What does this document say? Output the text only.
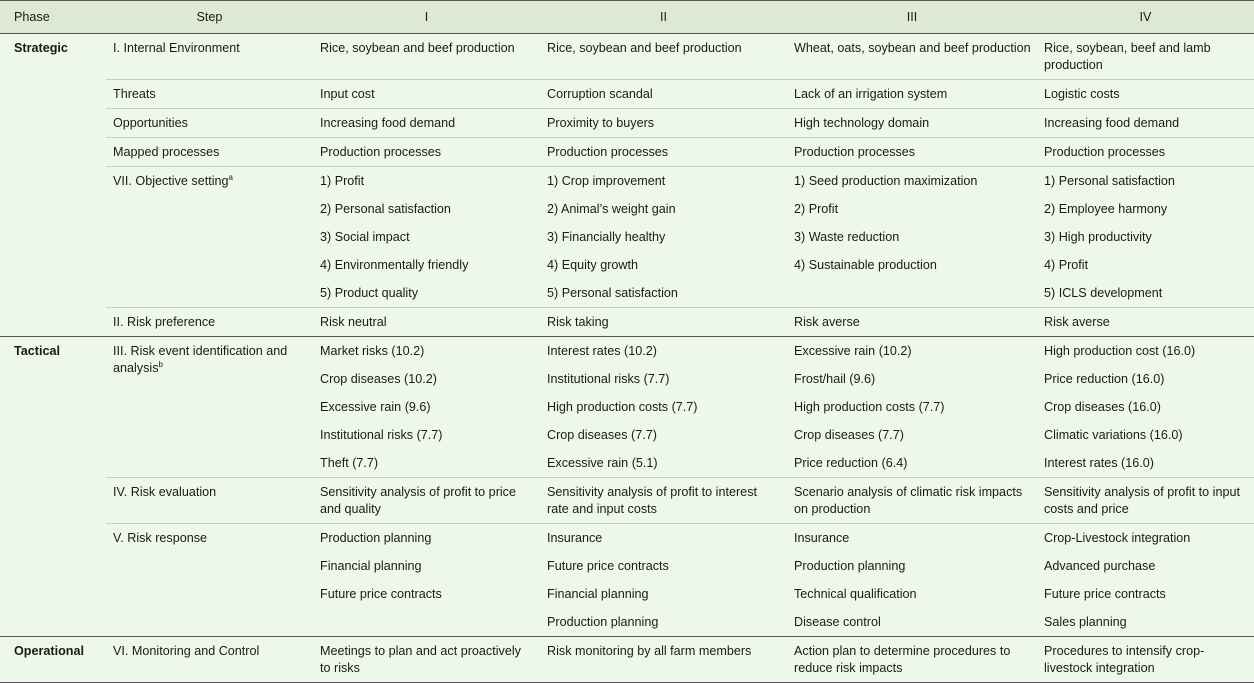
Phase	Step	I	II	III	IV
Strategic	I. Internal Environment	Rice, soybean and beef production	Rice, soybean and beef production	Wheat, oats, soybean and beef production	Rice, soybean, beef and lamb production
	Threats	Input cost	Corruption scandal	Lack of an irrigation system	Logistic costs
	Opportunities	Increasing food demand	Proximity to buyers	High technology domain	Increasing food demand
	Mapped processes	Production processes	Production processes	Production processes	Production processes
	VII. Objective setting$^a$	1) Profit	1) Crop improvement	1) Seed production maximization	1) Personal satisfaction
		2) Personal satisfaction	2) Animal’s weight gain	2) Profit	2) Employee harmony
		3) Social impact	3) Financially healthy	3) Waste reduction	3) High productivity
		4) Environmentally friendly	4) Equity growth	4) Sustainable production	4) Profit
		5) Product quality	5) Personal satisfaction		5) ICLS development
	II. Risk preference	Risk neutral	Risk taking	Risk averse	Risk averse
Tactical	III. Risk event identification and analysis$^b$	Market risks (10.2)	Interest rates (10.2)	Excessive rain (10.2)	High production cost (16.0)
		Crop diseases (10.2)	Institutional risks (7.7)	Frost/hail (9.6)	Price reduction (16.0)
		Excessive rain (9.6)	High production costs (7.7)	High production costs (7.7)	Crop diseases (16.0)
		Institutional risks (7.7)	Crop diseases (7.7)	Crop diseases (7.7)	Climatic variations (16.0)
		Theft (7.7)	Excessive rain (5.1)	Price reduction (6.4)	Interest rates (16.0)
	IV. Risk evaluation	Sensitivity analysis of profit to price and quality	Sensitivity analysis of profit to interest rate and input costs	Scenario analysis of climatic risk impacts on production	Sensitivity analysis of profit to input costs and price
	V. Risk response	Production planning	Insurance	Insurance	Crop-Livestock integration
		Financial planning	Future price contracts	Production planning	Advanced purchase
		Future price contracts	Financial planning	Technical qualification	Future price contracts
			Production planning	Disease control	Sales planning
Operational	VI. Monitoring and Control	Meetings to plan and act proactively to risks	Risk monitoring by all farm members	Action plan to determine procedures to reduce risk impacts	Procedures to intensify crop-livestock integration
